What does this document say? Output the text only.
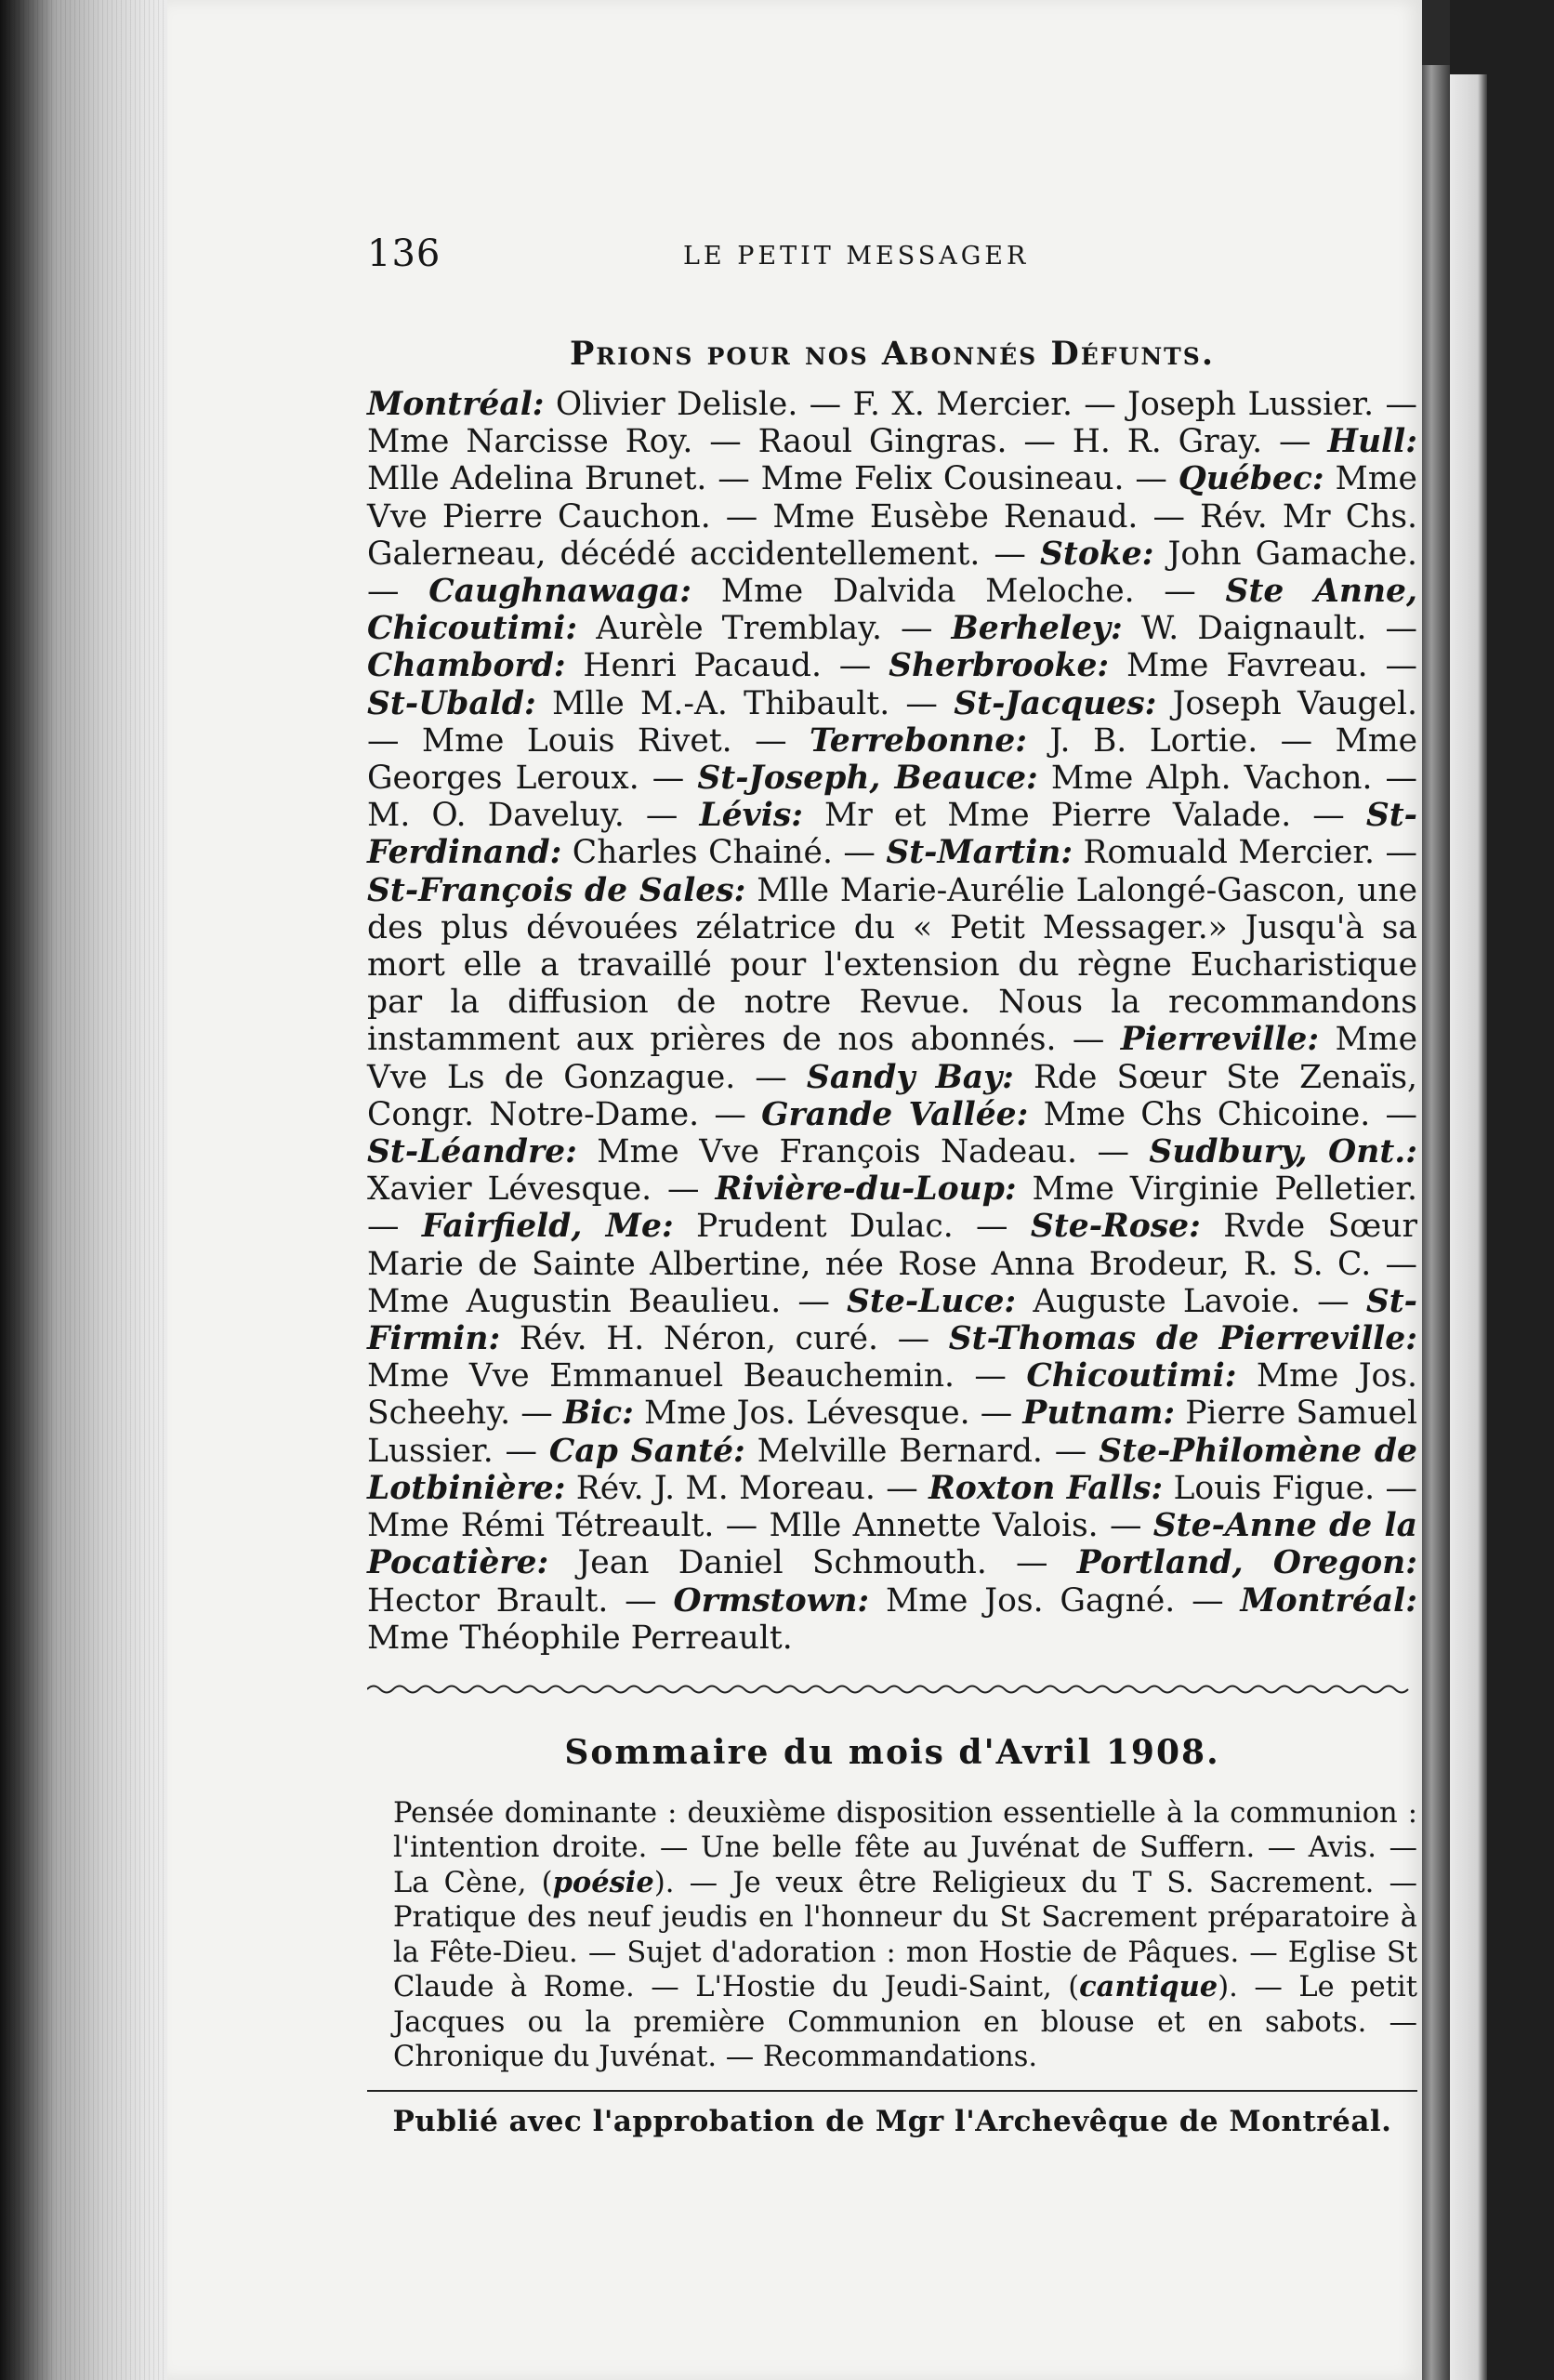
136	LE PETIT MESSAGER
Prions pour nos Abonnés Défunts.

Montréal: Olivier Delisle. — F. X. Mercier. — Joseph Lussier. — Mme Narcisse Roy. — Raoul Gingras. — H. R. Gray. — Hull: Mlle Adelina Brunet. — Mme Felix Cousineau. — Québec: Mme Vve Pierre Cauchon. — Mme Eusèbe Renaud. — Rév. Mr Chs. Galerneau, décédé accidentellement. — Stoke: John Gamache. — Caughnawaga: Mme Dalvida Meloche. — Ste Anne, Chicoutimi: Aurèle Tremblay. — Berheley: W. Daignault. — Chambord: Henri Pacaud. — Sherbrooke: Mme Favreau. — St-Ubald: Mlle M.-A. Thibault. — St-Jacques: Joseph Vaugel. — Mme Louis Rivet. — Terrebonne: J. B. Lortie. — Mme Georges Leroux. — St-Joseph, Beauce: Mme Alph. Vachon. — M. O. Daveluy. — Lévis: Mr et Mme Pierre Valade. — St-Ferdinand: Charles Chainé. — St-Martin: Romuald Mercier. — St-François de Sales: Mlle Marie-Aurélie Lalongé-Gascon, une des plus dévouées zélatrice du « Petit Messager.» Jusqu'à sa mort elle a travaillé pour l'extension du règne Eucharistique par la diffusion de notre Revue. Nous la recommandons instamment aux prières de nos abonnés. — Pierreville: Mme Vve Ls de Gonzague. — Sandy Bay: Rde Sœur Ste Zenaïs, Congr. Notre-Dame. — Grande Vallée: Mme Chs Chicoine. — St-Léandre: Mme Vve François Nadeau. — Sudbury, Ont.: Xavier Lévesque. — Rivière-du-Loup: Mme Virginie Pelletier. — Fairfield, Me: Prudent Dulac. — Ste-Rose: Rvde Sœur Marie de Sainte Albertine, née Rose Anna Brodeur, R. S. C. — Mme Augustin Beaulieu. — Ste-Luce: Auguste Lavoie. — St-Firmin: Rév. H. Néron, curé. — St-Thomas de Pierreville: Mme Vve Emmanuel Beauchemin. — Chicoutimi: Mme Jos. Scheehy. — Bic: Mme Jos. Lévesque. — Putnam: Pierre Samuel Lussier. — Cap Santé: Melville Bernard. — Ste-Philomène de Lotbinière: Rév. J. M. Moreau. — Roxton Falls: Louis Figue. — Mme Rémi Tétreault. — Mlle Annette Valois. — Ste-Anne de la Pocatière: Jean Daniel Schmouth. — Portland, Oregon: Hector Brault. — Ormstown: Mme Jos. Gagné. — Montréal: Mme Théophile Perreault.

Sommaire du mois d'Avril 1908.

Pensée dominante : deuxième disposition essentielle à la communion : l'intention droite. — Une belle fête au Juvénat de Suffern. — Avis. — La Cène, (poésie). — Je veux être Religieux du T S. Sacrement. — Pratique des neuf jeudis en l'honneur du St Sacrement préparatoire à la Fête-Dieu. — Sujet d'adoration : mon Hostie de Pâques. — Eglise St Claude à Rome. — L'Hostie du Jeudi-Saint, (cantique). — Le petit Jacques ou la première Communion en blouse et en sabots. — Chronique du Juvénat. — Recommandations.

Publié avec l'approbation de Mgr l'Archevêque de Montréal.
